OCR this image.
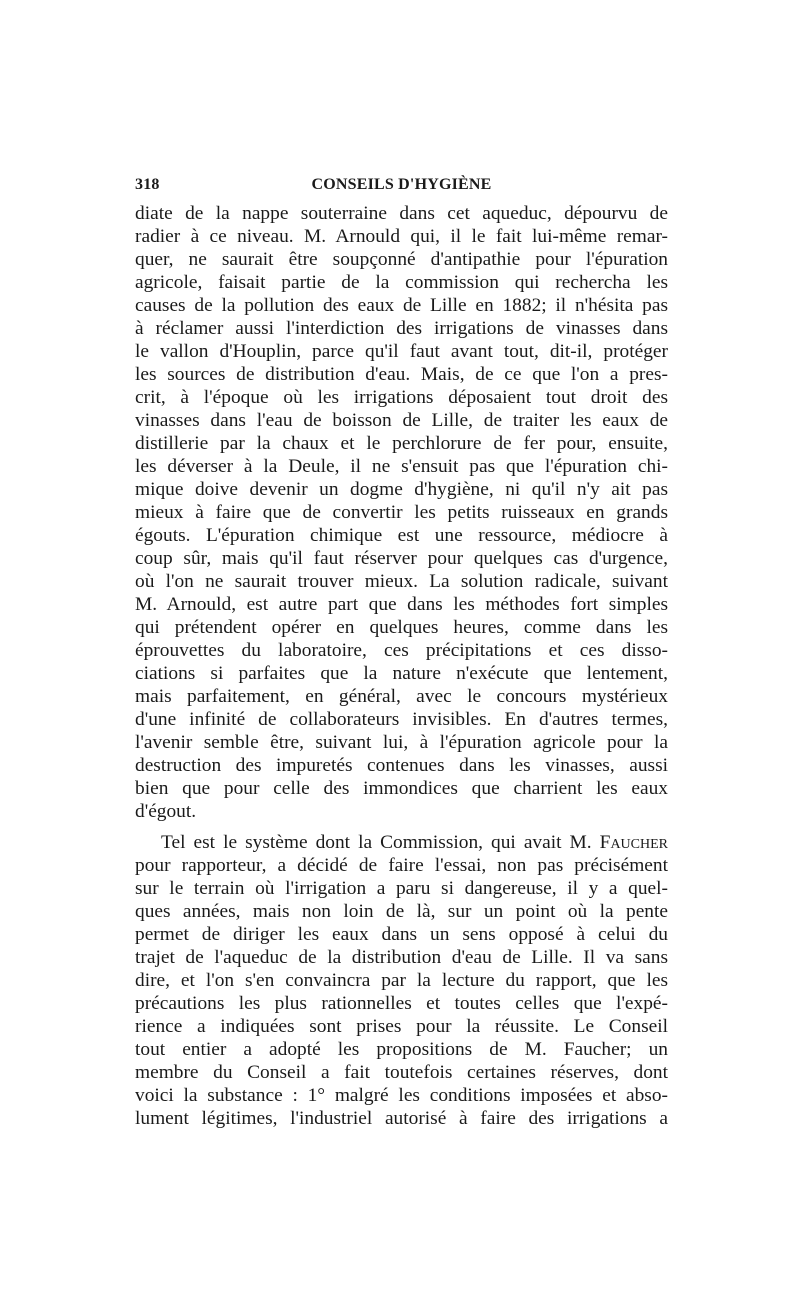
318	CONSEILS D'HYGIÈNE

diate de la nappe souterraine dans cet aqueduc, dépourvu de
radier à ce niveau. M. Arnould qui, il le fait lui-même remar-
quer, ne saurait être soupçonné d'antipathie pour l'épuration
agricole, faisait partie de la commission qui rechercha les
causes de la pollution des eaux de Lille en 1882; il n'hésita pas
à réclamer aussi l'interdiction des irrigations de vinasses dans
le vallon d'Houplin, parce qu'il faut avant tout, dit-il, protéger
les sources de distribution d'eau. Mais, de ce que l'on a pres-
crit, à l'époque où les irrigations déposaient tout droit des
vinasses dans l'eau de boisson de Lille, de traiter les eaux de
distillerie par la chaux et le perchlorure de fer pour, ensuite,
les déverser à la Deule, il ne s'ensuit pas que l'épuration chi-
mique doive devenir un dogme d'hygiène, ni qu'il n'y ait pas
mieux à faire que de convertir les petits ruisseaux en grands
égouts. L'épuration chimique est une ressource, médiocre à
coup sûr, mais qu'il faut réserver pour quelques cas d'urgence,
où l'on ne saurait trouver mieux. La solution radicale, suivant
M. Arnould, est autre part que dans les méthodes fort simples
qui prétendent opérer en quelques heures, comme dans les
éprouvettes du laboratoire, ces précipitations et ces disso-
ciations si parfaites que la nature n'exécute que lentement,
mais parfaitement, en général, avec le concours mystérieux
d'une infinité de collaborateurs invisibles. En d'autres termes,
l'avenir semble être, suivant lui, à l'épuration agricole pour la
destruction des impuretés contenues dans les vinasses, aussi
bien que pour celle des immondices que charrient les eaux
d'égout.

Tel est le système dont la Commission, qui avait M. Faucher
pour rapporteur, a décidé de faire l'essai, non pas précisément
sur le terrain où l'irrigation a paru si dangereuse, il y a quel-
ques années, mais non loin de là, sur un point où la pente
permet de diriger les eaux dans un sens opposé à celui du
trajet de l'aqueduc de la distribution d'eau de Lille. Il va sans
dire, et l'on s'en convaincra par la lecture du rapport, que les
précautions les plus rationnelles et toutes celles que l'expé-
rience a indiquées sont prises pour la réussite. Le Conseil
tout entier a adopté les propositions de M. Faucher; un
membre du Conseil a fait toutefois certaines réserves, dont
voici la substance : 1° malgré les conditions imposées et abso-
lument légitimes, l'industriel autorisé à faire des irrigations a
